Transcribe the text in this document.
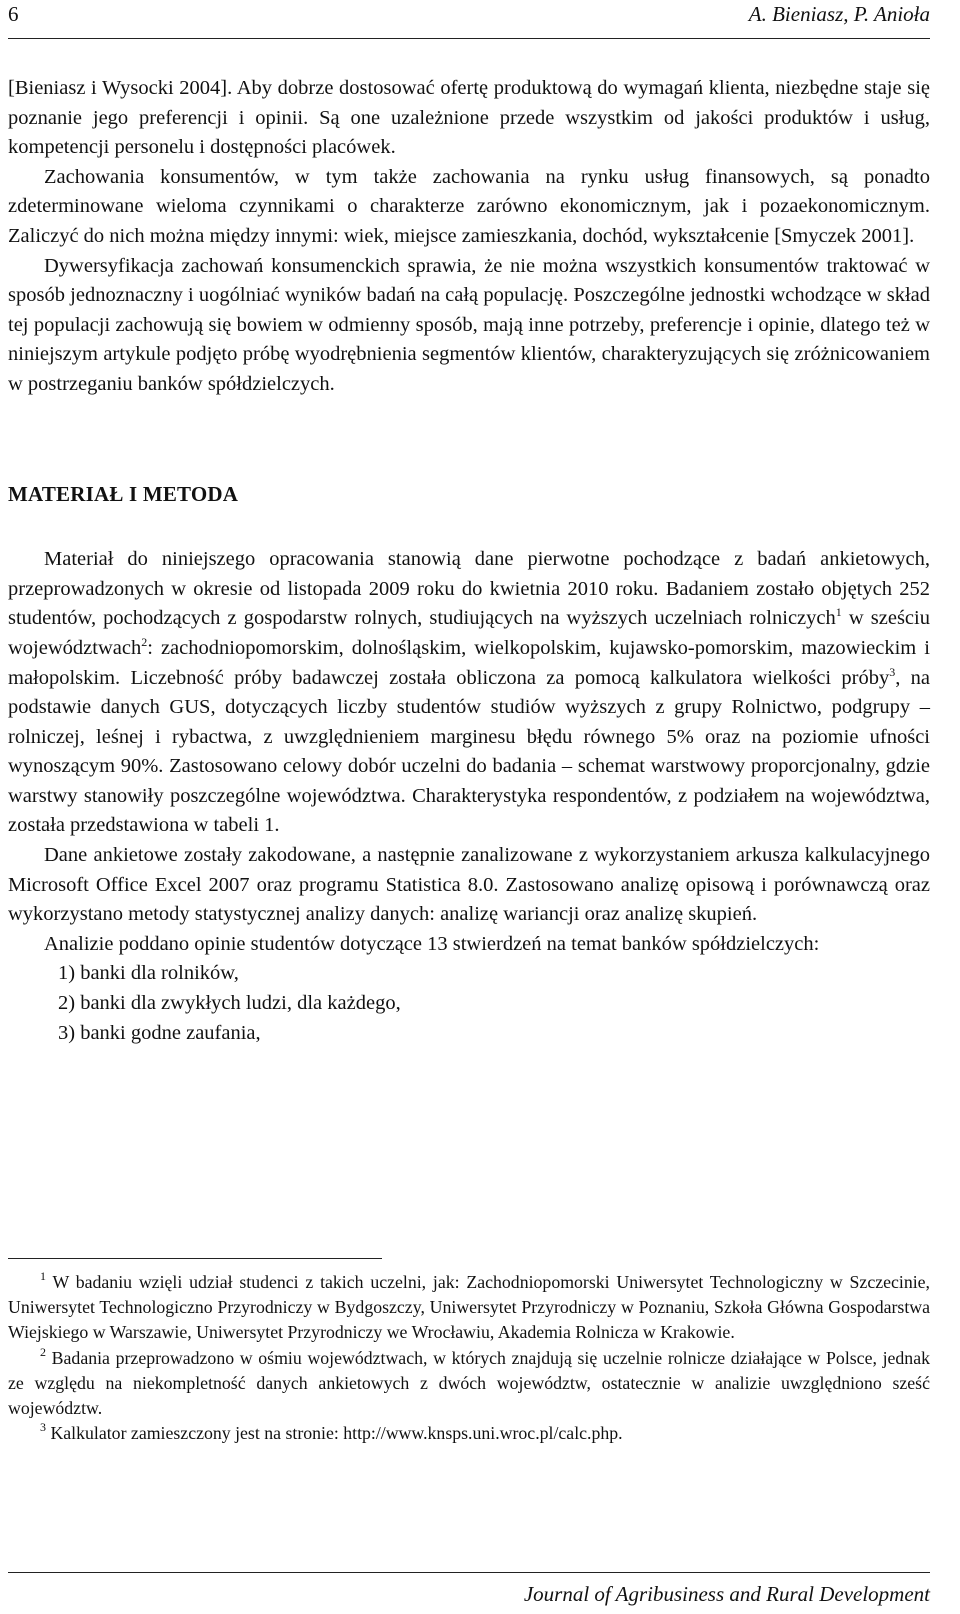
6	A. Bieniasz, P. Anioła

[Bieniasz i Wysocki 2004]. Aby dobrze dostosować ofertę produktową do wymagań klienta, niezbędne staje się poznanie jego preferencji i opinii. Są one uzależnione przede wszystkim od jakości produktów i usług, kompetencji personelu i dostępności placówek.

Zachowania konsumentów, w tym także zachowania na rynku usług finansowych, są ponadto zdeterminowane wieloma czynnikami o charakterze zarówno ekonomicznym, jak i pozaekonomicznym. Zaliczyć do nich można między innymi: wiek, miejsce zamieszkania, dochód, wykształcenie [Smyczek 2001].

Dywersyfikacja zachowań konsumenckich sprawia, że nie można wszystkich konsumentów traktować w sposób jednoznaczny i uogólniać wyników badań na całą populację. Poszczególne jednostki wchodzące w skład tej populacji zachowują się bowiem w odmienny sposób, mają inne potrzeby, preferencje i opinie, dlatego też w niniejszym artykule podjęto próbę wyodrębnienia segmentów klientów, charakteryzujących się zróżnicowaniem w postrzeganiu banków spółdzielczych.

MATERIAŁ I METODA

Materiał do niniejszego opracowania stanowią dane pierwotne pochodzące z badań ankietowych, przeprowadzonych w okresie od listopada 2009 roku do kwietnia 2010 roku. Badaniem zostało objętych 252 studentów, pochodzących z gospodarstw rolnych, studiujących na wyższych uczelniach rolniczych$^1$ w sześciu województwach$^2$: zachodniopomorskim, dolnośląskim, wielkopolskim, kujawsko-pomorskim, mazowieckim i małopolskim. Liczebność próby badawczej została obliczona za pomocą kalkulatora wielkości próby$^3$, na podstawie danych GUS, dotyczących liczby studentów studiów wyższych z grupy Rolnictwo, podgrupy – rolniczej, leśnej i rybactwa, z uwzględnieniem marginesu błędu równego 5% oraz na poziomie ufności wynoszącym 90%. Zastosowano celowy dobór uczelni do badania – schemat warstwowy proporcjonalny, gdzie warstwy stanowiły poszczególne województwa. Charakterystyka respondentów, z podziałem na województwa, została przedstawiona w tabeli 1.

Dane ankietowe zostały zakodowane, a następnie zanalizowane z wykorzystaniem arkusza kalkulacyjnego Microsoft Office Excel 2007 oraz programu Statistica 8.0. Zastosowano analizę opisową i porównawczą oraz wykorzystano metody statystycznej analizy danych: analizę wariancji oraz analizę skupień.

Analizie poddano opinie studentów dotyczące 13 stwierdzeń na temat banków spółdzielczych:

1) banki dla rolników,
2) banki dla zwykłych ludzi, dla każdego,
3) banki godne zaufania,

$^1$ W badaniu wzięli udział studenci z takich uczelni, jak: Zachodniopomorski Uniwersytet Technologiczny w Szczecinie, Uniwersytet Technologiczno Przyrodniczy w Bydgoszczy, Uniwersytet Przyrodniczy w Poznaniu, Szkoła Główna Gospodarstwa Wiejskiego w Warszawie, Uniwersytet Przyrodniczy we Wrocławiu, Akademia Rolnicza w Krakowie.

$^2$ Badania przeprowadzono w ośmiu województwach, w których znajdują się uczelnie rolnicze działające w Polsce, jednak ze względu na niekompletność danych ankietowych z dwóch województw, ostatecznie w analizie uwzględniono sześć województw.

$^3$ Kalkulator zamieszczony jest na stronie: http://www.knsps.uni.wroc.pl/calc.php.

Journal of Agribusiness and Rural Development
